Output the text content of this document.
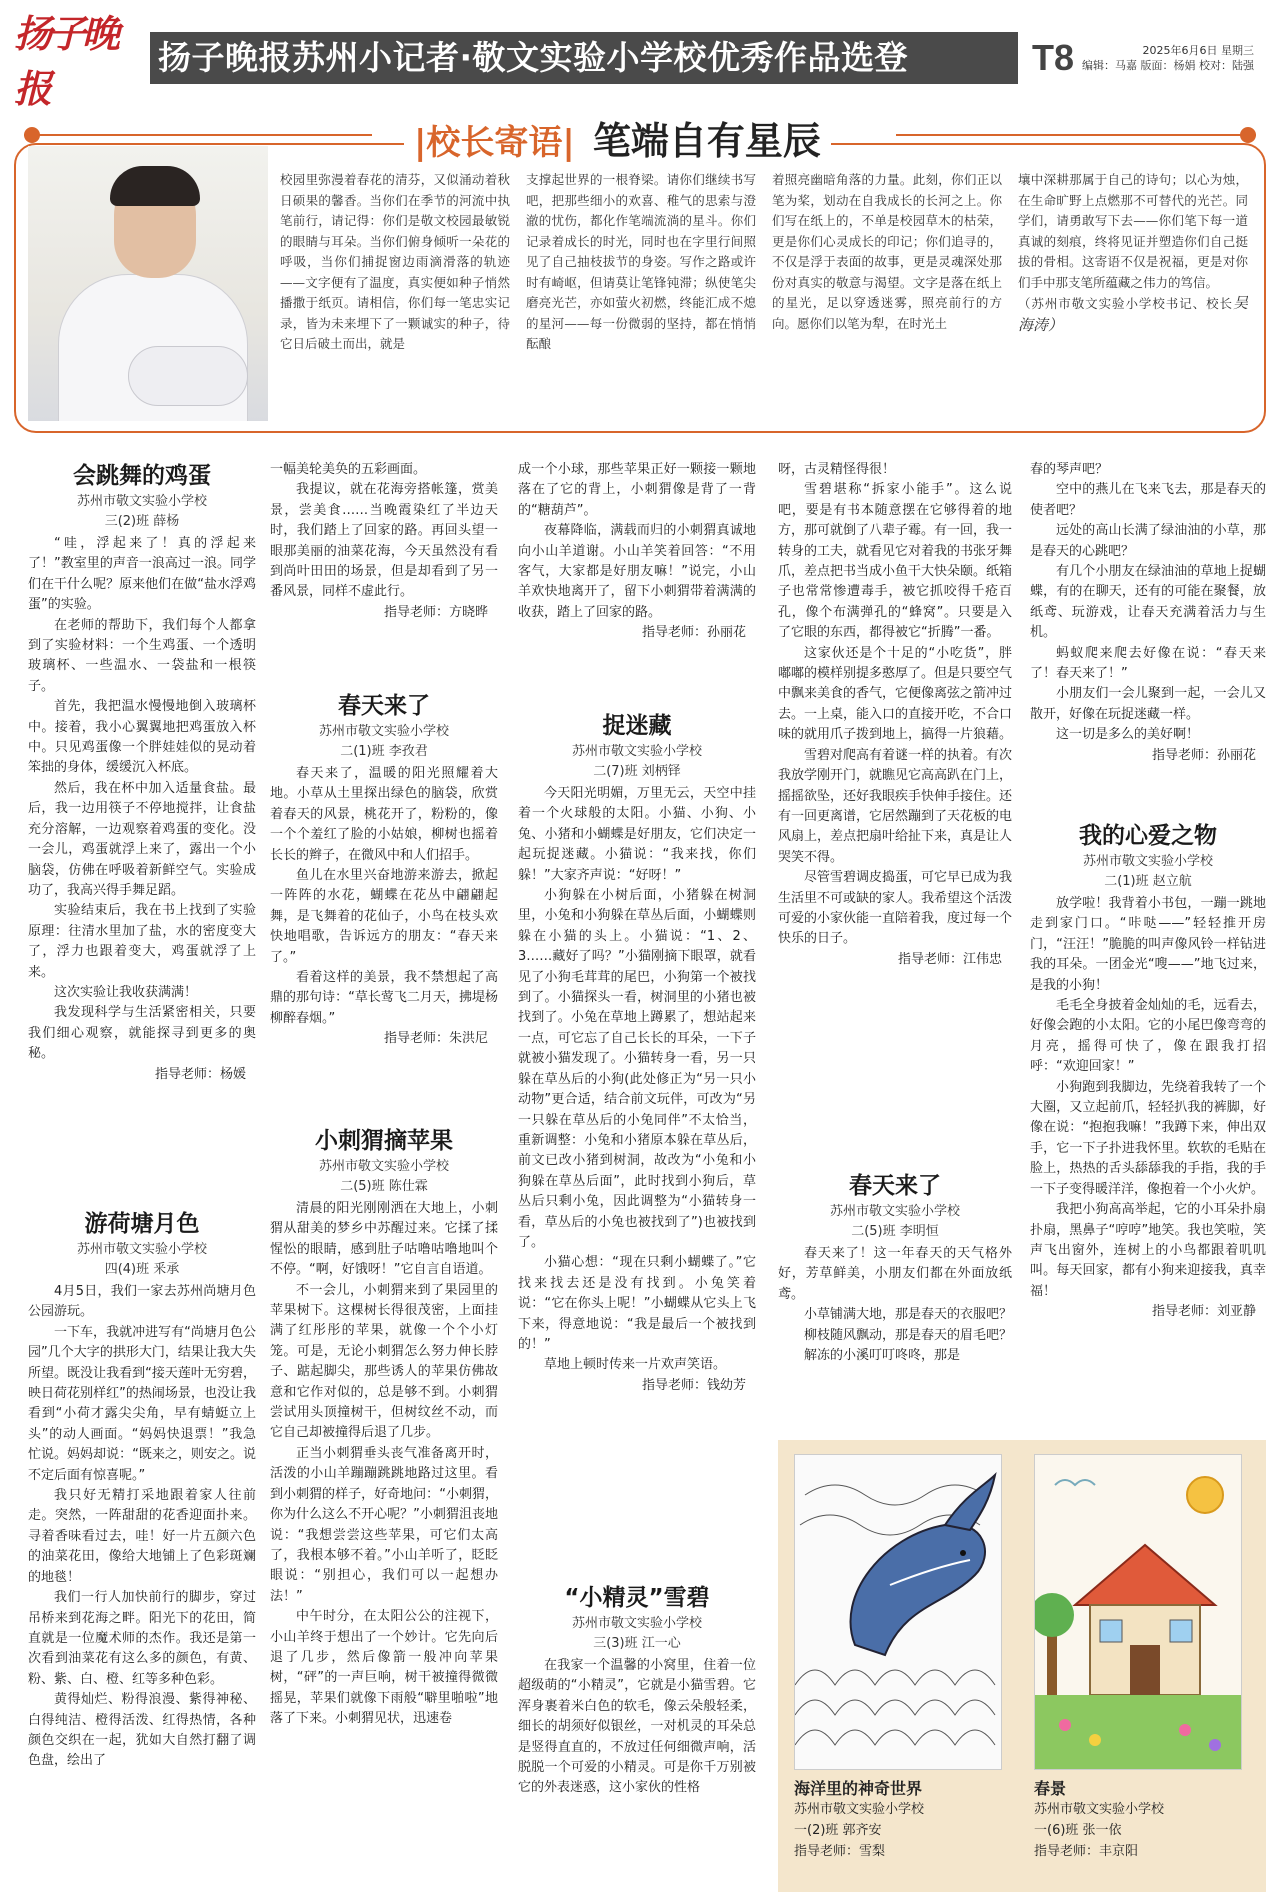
扬子晚报
扬子晚报苏州小记者·敬文实验小学校优秀作品选登	T8	2025年6月6日 星期三
编辑：马嘉 版面：杨娟 校对：陆强
|校长寄语| 笔端自有星辰
校园里弥漫着春花的清芬，又似涌动着秋日硕果的馨香。当你们在季节的河流中执笔前行，请记得：你们是敬文校园最敏锐的眼睛与耳朵。当你们俯身倾听一朵花的呼吸，当你们捕捉窗边雨滴滑落的轨迹——文字便有了温度，真实便如种子悄然播撒于纸页。请相信，你们每一笔忠实记录，皆为未来埋下了一颗诚实的种子，待它日后破土而出，就是
支撑起世界的一根脊梁。请你们继续书写吧，把那些细小的欢喜、稚气的思索与澄澈的忧伤，都化作笔端流淌的星斗。你们记录着成长的时光，同时也在字里行间照见了自己抽枝拔节的身姿。写作之路或许时有崎岖，但请莫让笔锋钝滞；纵使笔尖磨亮光芒，亦如萤火初燃，终能汇成不熄的星河——每一份微弱的坚持，都在悄悄酝酿
着照亮幽暗角落的力量。此刻，你们正以笔为桨，划动在自我成长的长河之上。你们写在纸上的，不单是校园草木的枯荣，更是你们心灵成长的印记；你们追寻的，不仅是浮于表面的故事，更是灵魂深处那份对真实的敬意与渴望。文字是落在纸上的星光，足以穿透迷雾，照亮前行的方向。愿你们以笔为犁，在时光土
壤中深耕那属于自己的诗句；以心为烛，在生命旷野上点燃那不可替代的光芒。同学们，请勇敢写下去——你们笔下每一道真诚的刻痕，终将见证并塑造你们自己挺拔的骨相。这寄语不仅是祝福，更是对你们手中那支笔所蕴藏之伟力的笃信。
（苏州市敬文实验小学校书记、校长吴海涛）
会跳舞的鸡蛋
苏州市敬文实验小学校
三(2)班 薛杨

“哇，浮起来了！真的浮起来了！”教室里的声音一浪高过一浪。同学们在干什么呢？原来他们在做“盐水浮鸡蛋”的实验。

在老师的帮助下，我们每个人都拿到了实验材料：一个生鸡蛋、一个透明玻璃杯、一些温水、一袋盐和一根筷子。

首先，我把温水慢慢地倒入玻璃杯中。接着，我小心翼翼地把鸡蛋放入杯中。只见鸡蛋像一个胖娃娃似的晃动着笨拙的身体，缓缓沉入杯底。

然后，我在杯中加入适量食盐。最后，我一边用筷子不停地搅拌，让食盐充分溶解，一边观察着鸡蛋的变化。没一会儿，鸡蛋就浮上来了，露出一个小脑袋，仿佛在呼吸着新鲜空气。实验成功了，我高兴得手舞足蹈。

实验结束后，我在书上找到了实验原理：往清水里加了盐，水的密度变大了，浮力也跟着变大，鸡蛋就浮了上来。

这次实验让我收获满满！

我发现科学与生活紧密相关，只要我们细心观察，就能探寻到更多的奥秘。

指导老师：杨媛
游荷塘月色
苏州市敬文实验小学校
四(4)班 釆承

4月5日，我们一家去苏州尚塘月色公园游玩。

一下车，我就冲进写有“尚塘月色公园”几个大字的拱形大门，结果让我大失所望。既没让我看到“接天莲叶无穷碧，映日荷花别样红”的热闹场景，也没让我看到“小荷才露尖尖角，早有蜻蜓立上头”的动人画面。“妈妈快退票！”我急忙说。妈妈却说：“既来之，则安之。说不定后面有惊喜呢。”

我只好无精打采地跟着家人往前走。突然，一阵甜甜的花香迎面扑来。寻着香味看过去，哇！好一片五颜六色的油菜花田，像给大地铺上了色彩斑斓的地毯！

我们一行人加快前行的脚步，穿过吊桥来到花海之畔。阳光下的花田，简直就是一位魔术师的杰作。我还是第一次看到油菜花有这么多的颜色，有黄、粉、紫、白、橙、红等多种色彩。

黄得灿烂、粉得浪漫、紫得神秘、白得纯洁、橙得活泼、红得热情，各种颜色交织在一起，犹如大自然打翻了调色盘，绘出了

一幅美轮美奂的五彩画面。

我提议，就在花海旁搭帐篷，赏美景，尝美食……当晚霞染红了半边天时，我们踏上了回家的路。再回头望一眼那美丽的油菜花海，今天虽然没有看到尚叶田田的场景，但是却看到了另一番风景，同样不虚此行。

指导老师：方晓晔
春天来了
苏州市敬文实验小学校
二(1)班 李孜君

春天来了，温暖的阳光照耀着大地。小草从土里探出绿色的脑袋，欣赏着春天的风景，桃花开了，粉粉的，像一个个羞红了脸的小姑娘，柳树也摇着长长的辫子，在微风中和人们招手。

鱼儿在水里兴奋地游来游去，掀起一阵阵的水花，蝴蝶在花丛中翩翩起舞，是飞舞着的花仙子，小鸟在枝头欢快地唱歌，告诉远方的朋友：“春天来了。”

看着这样的美景，我不禁想起了高鼎的那句诗：“草长莺飞二月天，拂堤杨柳醉春烟。”

指导老师：朱洪尼
小刺猬摘苹果
苏州市敬文实验小学校
二(5)班 陈仕霖

清晨的阳光刚刚洒在大地上，小刺猬从甜美的梦乡中苏醒过来。它揉了揉惺忪的眼睛，感到肚子咕噜咕噜地叫个不停。“啊，好饿呀！”它自言自语道。

不一会儿，小刺猬来到了果园里的苹果树下。这棵树长得很茂密，上面挂满了红彤彤的苹果，就像一个个小灯笼。可是，无论小刺猬怎么努力伸长脖子、踮起脚尖，那些诱人的苹果仿佛故意和它作对似的，总是够不到。小刺猬尝试用头顶撞树干，但树纹丝不动，而它自己却被撞得后退了几步。

正当小刺猬垂头丧气准备离开时，活泼的小山羊蹦蹦跳跳地路过这里。看到小刺猬的样子，好奇地问：“小刺猬，你为什么这么不开心呢？”小刺猬沮丧地说：“我想尝尝这些苹果，可它们太高了，我根本够不着。”小山羊听了，眨眨眼说：“别担心，我们可以一起想办法！”

中午时分，在太阳公公的注视下，小山羊终于想出了一个妙计。它先向后退了几步，然后像箭一般冲向苹果树，“砰”的一声巨响，树干被撞得微微摇晃，苹果们就像下雨般“噼里啪啦”地落了下来。小刺猬见状，迅速卷

成一个小球，那些苹果正好一颗接一颗地落在了它的背上，小刺猬像是背了一背的“糖葫芦”。

夜幕降临，满载而归的小刺猬真诚地向小山羊道谢。小山羊笑着回答：“不用客气，大家都是好朋友嘛！”说完，小山羊欢快地离开了，留下小刺猬带着满满的收获，踏上了回家的路。

指导老师：孙丽花
捉迷藏
苏州市敬文实验小学校
二(7)班 刘柄铎

今天阳光明媚，万里无云，天空中挂着一个火球般的太阳。小猫、小狗、小兔、小猪和小蝴蝶是好朋友，它们决定一起玩捉迷藏。小猫说：“我来找，你们躲！”大家齐声说：“好呀！”

小狗躲在小树后面，小猪躲在树洞里，小兔和小狗躲在草丛后面，小蝴蝶则躲在小猫的头上。小猫说：“1、2、3……藏好了吗？”小猫刚摘下眼罩，就看见了小狗毛茸茸的尾巴，小狗第一个被找到了。小猫探头一看，树洞里的小猪也被找到了。小兔在草地上蹲累了，想站起来一点，可它忘了自己长长的耳朵，一下子就被小猫发现了。小猫转身一看，另一只躲在草丛后的小狗(此处修正为“另一只小动物”更合适，结合前文玩伴，可改为“另一只躲在草丛后的小兔同伴”不太恰当，重新调整：小兔和小猪原本躲在草丛后，前文已改小猪到树洞，故改为“小兔和小狗躲在草丛后面”，此时找到小狗后，草丛后只剩小兔，因此调整为“小猫转身一看，草丛后的小兔也被找到了”)也被找到了。

小猫心想：“现在只剩小蝴蝶了。”它找来找去还是没有找到。小兔笑着说：“它在你头上呢！”小蝴蝶从它头上飞下来，得意地说：“我是最后一个被找到的！”

草地上顿时传来一片欢声笑语。

指导老师：钱幼芳
“小精灵”雪碧
苏州市敬文实验小学校
三(3)班 江一心

在我家一个温馨的小窝里，住着一位超级萌的“小精灵”，它就是小猫雪碧。它浑身裹着米白色的软毛，像云朵般轻柔，细长的胡须好似银丝，一对机灵的耳朵总是竖得直直的，不放过任何细微声响，活脱脱一个可爱的小精灵。可是你千万别被它的外表迷惑，这小家伙的性格

呀，古灵精怪得很！

雪碧堪称“拆家小能手”。这么说吧，要是有书本随意摆在它够得着的地方，那可就倒了八辈子霉。有一回，我一转身的工夫，就看见它对着我的书张牙舞爪，差点把书当成小鱼干大快朵颐。纸箱子也常常惨遭毒手，被它抓咬得千疮百孔，像个布满弹孔的“蜂窝”。只要是入了它眼的东西，都得被它“折腾”一番。

这家伙还是个十足的“小吃货”，胖嘟嘟的模样别提多憨厚了。但是只要空气中飘来美食的香气，它便像离弦之箭冲过去。一上桌，能入口的直接开吃，不合口味的就用爪子拨到地上，搞得一片狼藉。

雪碧对爬高有着谜一样的执着。有次我放学刚开门，就瞧见它高高趴在门上，摇摇欲坠，还好我眼疾手快伸手接住。还有一回更离谱，它居然蹦到了天花板的电风扇上，差点把扇叶给扯下来，真是让人哭笑不得。

尽管雪碧调皮捣蛋，可它早已成为我生活里不可或缺的家人。我希望这个活泼可爱的小家伙能一直陪着我，度过每一个快乐的日子。

指导老师：江伟忠
春天来了
苏州市敬文实验小学校
二(5)班 李明恒

春天来了！这一年春天的天气格外好，芳草鲜美，小朋友们都在外面放纸鸢。

小草铺满大地，那是春天的衣服吧？

柳枝随风飘动，那是春天的眉毛吧？

解冻的小溪叮叮咚咚，那是

春的琴声吧？

空中的燕儿在飞来飞去，那是春天的使者吧？

远处的高山长满了绿油油的小草，那是春天的心跳吧？

有几个小朋友在绿油油的草地上捉蝴蝶，有的在聊天，还有的可能在聚餐，放纸鸢、玩游戏，让春天充满着活力与生机。

蚂蚁爬来爬去好像在说：“春天来了！春天来了！”

小朋友们一会儿聚到一起，一会儿又散开，好像在玩捉迷藏一样。

这一切是多么的美好啊！

指导老师：孙丽花
我的心爱之物
苏州市敬文实验小学校
二(1)班 赵立航

放学啦！我背着小书包，一蹦一跳地走到家门口。“咔哒——”轻轻推开房门，“汪汪！”脆脆的叫声像风铃一样钻进我的耳朵。一团金光“嗖——”地飞过来，是我的小狗！

毛毛全身披着金灿灿的毛，远看去，好像会跑的小太阳。它的小尾巴像弯弯的月亮，摇得可快了，像在跟我打招呼：“欢迎回家！”

小狗跑到我脚边，先绕着我转了一个大圈，又立起前爪，轻轻扒我的裤脚，好像在说：“抱抱我嘛！”我蹲下来，伸出双手，它一下子扑进我怀里。软软的毛贴在脸上，热热的舌头舔舔我的手指，我的手一下子变得暖洋洋，像抱着一个小火炉。

我把小狗高高举起，它的小耳朵扑扇扑扇，黑鼻子“哼哼”地笑。我也笑啦，笑声飞出窗外，连树上的小鸟都跟着叽叽叫。每天回家，都有小狗来迎接我，真幸福！

指导老师：刘亚静
海洋里的神奇世界
苏州市敬文实验小学校
一(2)班 郭齐安
指导老师：雪梨
春景
苏州市敬文实验小学校
一(6)班 张一依
指导老师：丰京阳
